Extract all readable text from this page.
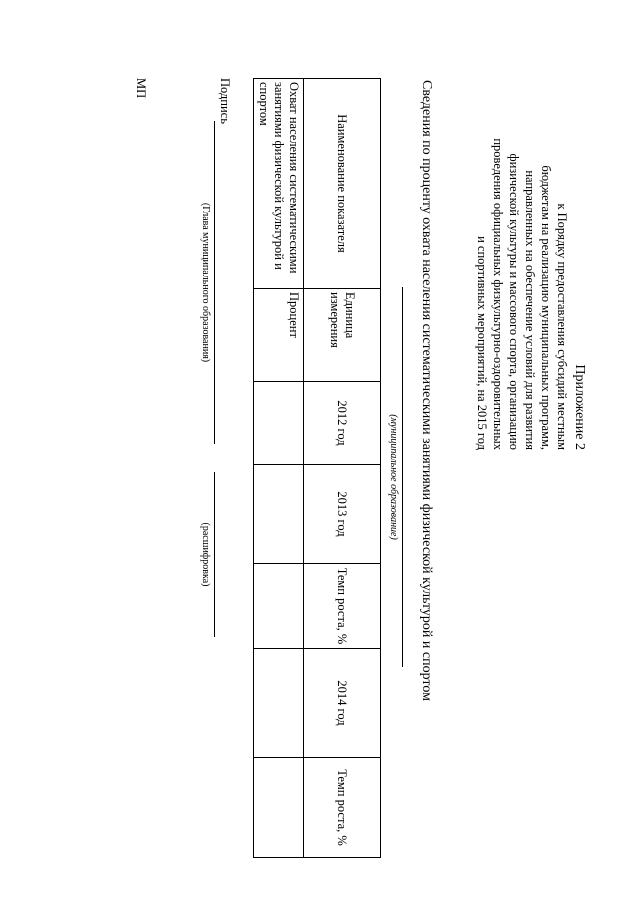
Приложение 2
к Порядку предоставления субсидий местным
бюджетам на реализацию муниципальных программ,
направленных на обеспечение условий для развития
физической культуры и массового спорта, организацию
проведения официальных физкультурно-оздоровительных
и спортивных мероприятий, на 2015 год
Сведения по проценту охвата населения систематическими занятиями физической культурой и спортом
(муниципальное образование)
Наименование показателя	Единица измерения	2012 год	2013 год	Темп роста, %	2014 год	Темп роста, %
Охват населения систематическими занятиями физической культурой и спортом	Процент					
Подпись
(Глава муниципального образования)
(расшифровка)
МП
